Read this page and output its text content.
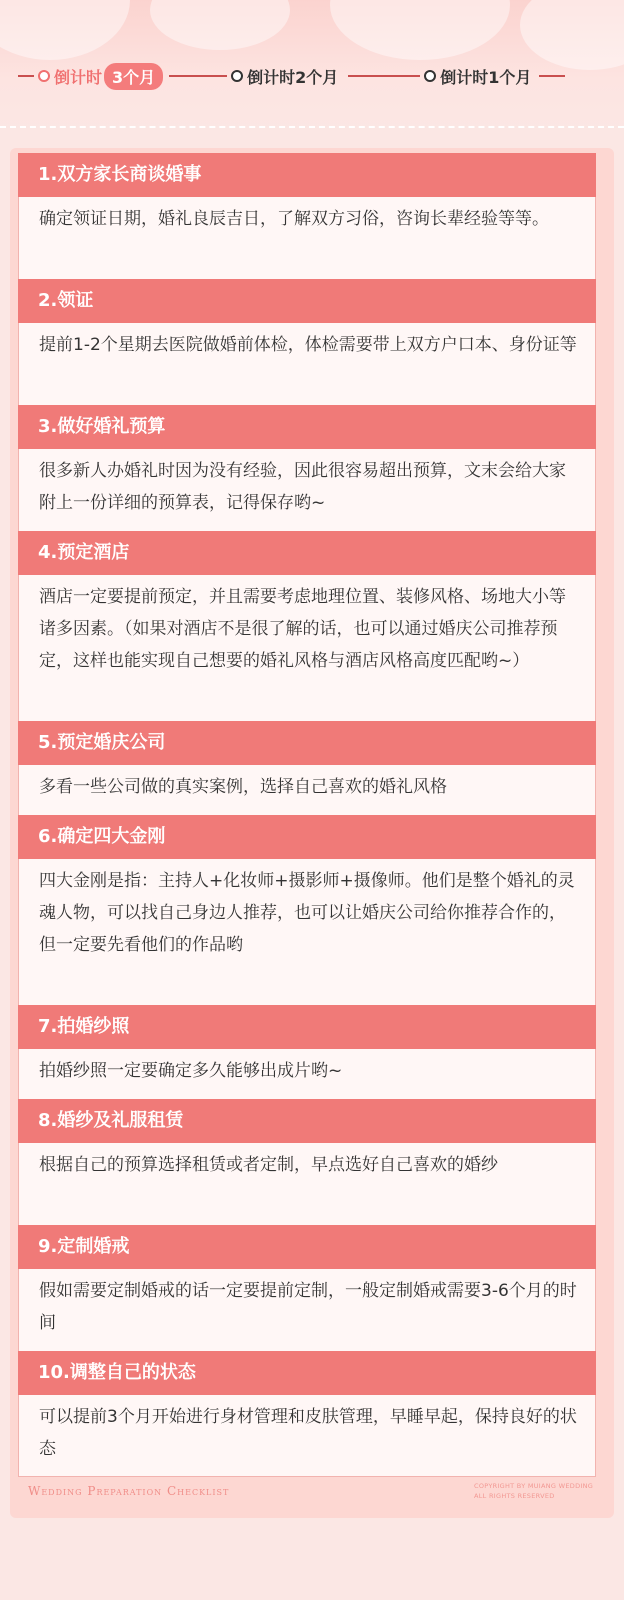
倒计时 3个月	倒计时2个月	倒计时1个月
1.双方家长商谈婚事
确定领证日期，婚礼良辰吉日，了解双方习俗，咨询长辈经验等等。
2.领证
提前1-2个星期去医院做婚前体检，体检需要带上双方户口本、身份证等
3.做好婚礼预算
很多新人办婚礼时因为没有经验，因此很容易超出预算，文末会给大家附上一份详细的预算表，记得保存哟~
4.预定酒店
酒店一定要提前预定，并且需要考虑地理位置、装修风格、场地大小等诸多因素。（如果对酒店不是很了解的话，也可以通过婚庆公司推荐预定，这样也能实现自己想要的婚礼风格与酒店风格高度匹配哟~）
5.预定婚庆公司
多看一些公司做的真实案例，选择自己喜欢的婚礼风格
6.确定四大金刚
四大金刚是指：主持人+化妆师+摄影师+摄像师。他们是整个婚礼的灵魂人物，可以找自己身边人推荐，也可以让婚庆公司给你推荐合作的，但一定要先看他们的作品哟
7.拍婚纱照
拍婚纱照一定要确定多久能够出成片哟~
8.婚纱及礼服租赁
根据自己的预算选择租赁或者定制，早点选好自己喜欢的婚纱
9.定制婚戒
假如需要定制婚戒的话一定要提前定制，一般定制婚戒需要3-6个月的时间
10.调整自己的状态
可以提前3个月开始进行身材管理和皮肤管理，早睡早起，保持良好的状态
Wedding Preparation Checklist	COPYRIGHT BY MUIANG WEDDING
ALL RIGHTS RESERVED
